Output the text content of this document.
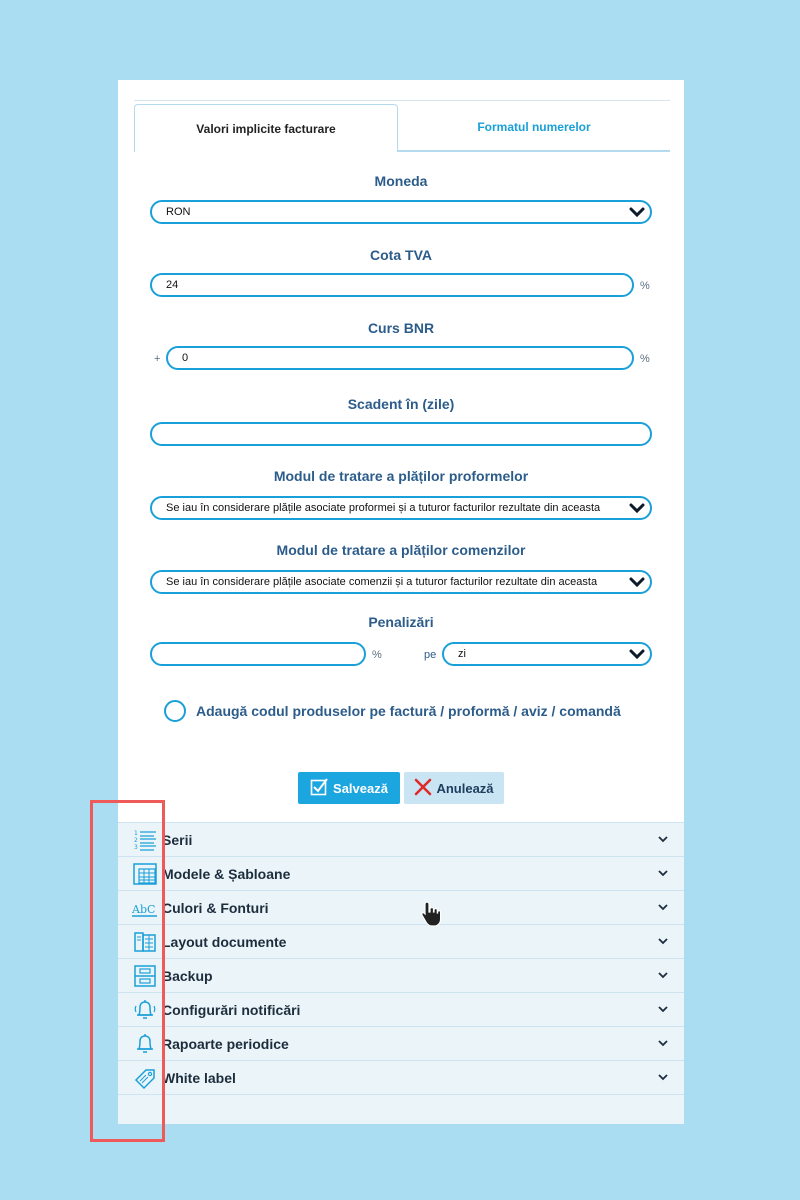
Valori implicite facturare	Formatul numerelor
Moneda
RON
Cota TVA
24	%
Curs BNR
+ 0	%
Scadent în (zile)
Modul de tratare a plăților proformelor
Se iau în considerare plățile asociate proformei și a tuturor facturilor rezultate din aceasta
Modul de tratare a plăților comenzilor
Se iau în considerare plățile asociate comenzii și a tuturor facturilor rezultate din aceasta
Penalizări
%	pe zi
Adaugă codul produselor pe factură / proformă / aviz / comandă
Salvează	Anulează
1
2
3 Serii
Modele & Șabloane
AbC Culori & Fonturi
Layout documente
Backup
Configurări notificări
Rapoarte periodice
White label
